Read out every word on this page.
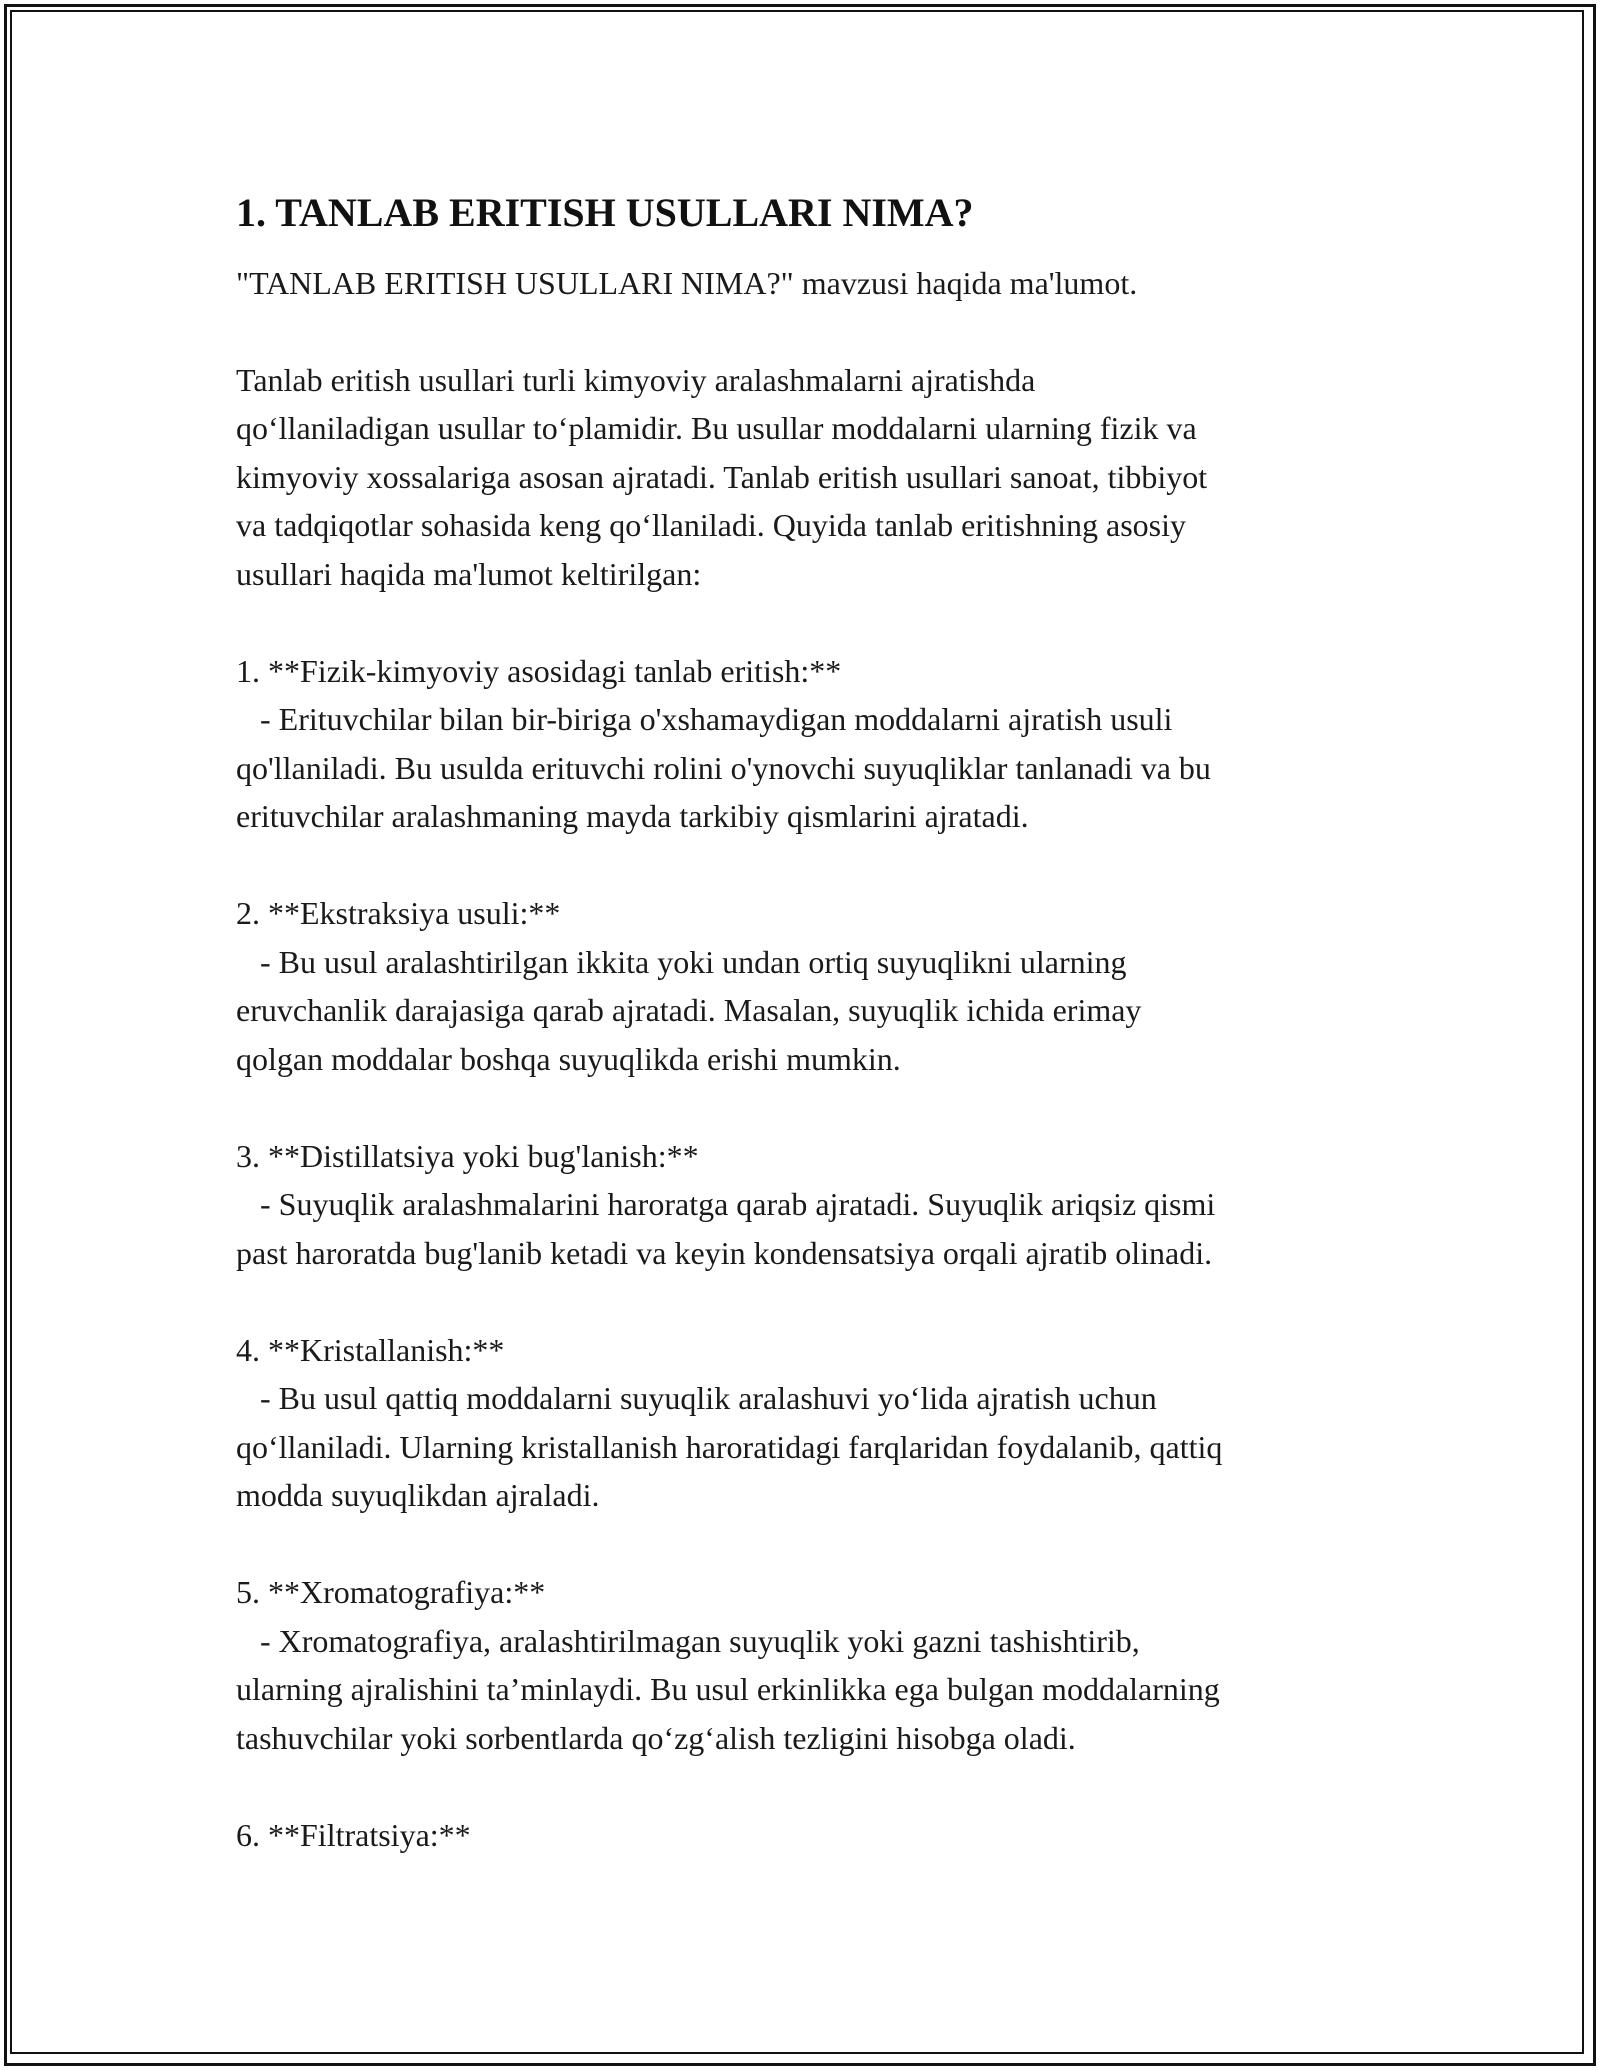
1. TANLAB ERITISH USULLARI NIMA?

"TANLAB ERITISH USULLARI NIMA?" mavzusi haqida ma'lumot.

Tanlab eritish usullari turli kimyoviy aralashmalarni ajratishda
qo‘llaniladigan usullar to‘plamidir. Bu usullar moddalarni ularning fizik va
kimyoviy xossalariga asosan ajratadi. Tanlab eritish usullari sanoat, tibbiyot
va tadqiqotlar sohasida keng qo‘llaniladi. Quyida tanlab eritishning asosiy
usullari haqida ma'lumot keltirilgan:

1. **Fizik-kimyoviy asosidagi tanlab eritish:**

- Erituvchilar bilan bir-biriga o'xshamaydigan moddalarni ajratish usuli
qo'llaniladi. Bu usulda erituvchi rolini o'ynovchi suyuqliklar tanlanadi va bu
erituvchilar aralashmaning mayda tarkibiy qismlarini ajratadi.

2. **Ekstraksiya usuli:**

- Bu usul aralashtirilgan ikkita yoki undan ortiq suyuqlikni ularning
eruvchanlik darajasiga qarab ajratadi. Masalan, suyuqlik ichida erimay
qolgan moddalar boshqa suyuqlikda erishi mumkin.

3. **Distillatsiya yoki bug'lanish:**

- Suyuqlik aralashmalarini haroratga qarab ajratadi. Suyuqlik ariqsiz qismi
past haroratda bug'lanib ketadi va keyin kondensatsiya orqali ajratib olinadi.

4. **Kristallanish:**

- Bu usul qattiq moddalarni suyuqlik aralashuvi yo‘lida ajratish uchun
qo‘llaniladi. Ularning kristallanish haroratidagi farqlaridan foydalanib, qattiq
modda suyuqlikdan ajraladi.

5. **Xromatografiya:**

- Xromatografiya, aralashtirilmagan suyuqlik yoki gazni tashishtirib,
ularning ajralishini ta’minlaydi. Bu usul erkinlikka ega bulgan moddalarning
tashuvchilar yoki sorbentlarda qo‘zg‘alish tezligini hisobga oladi.

6. **Filtratsiya:**
